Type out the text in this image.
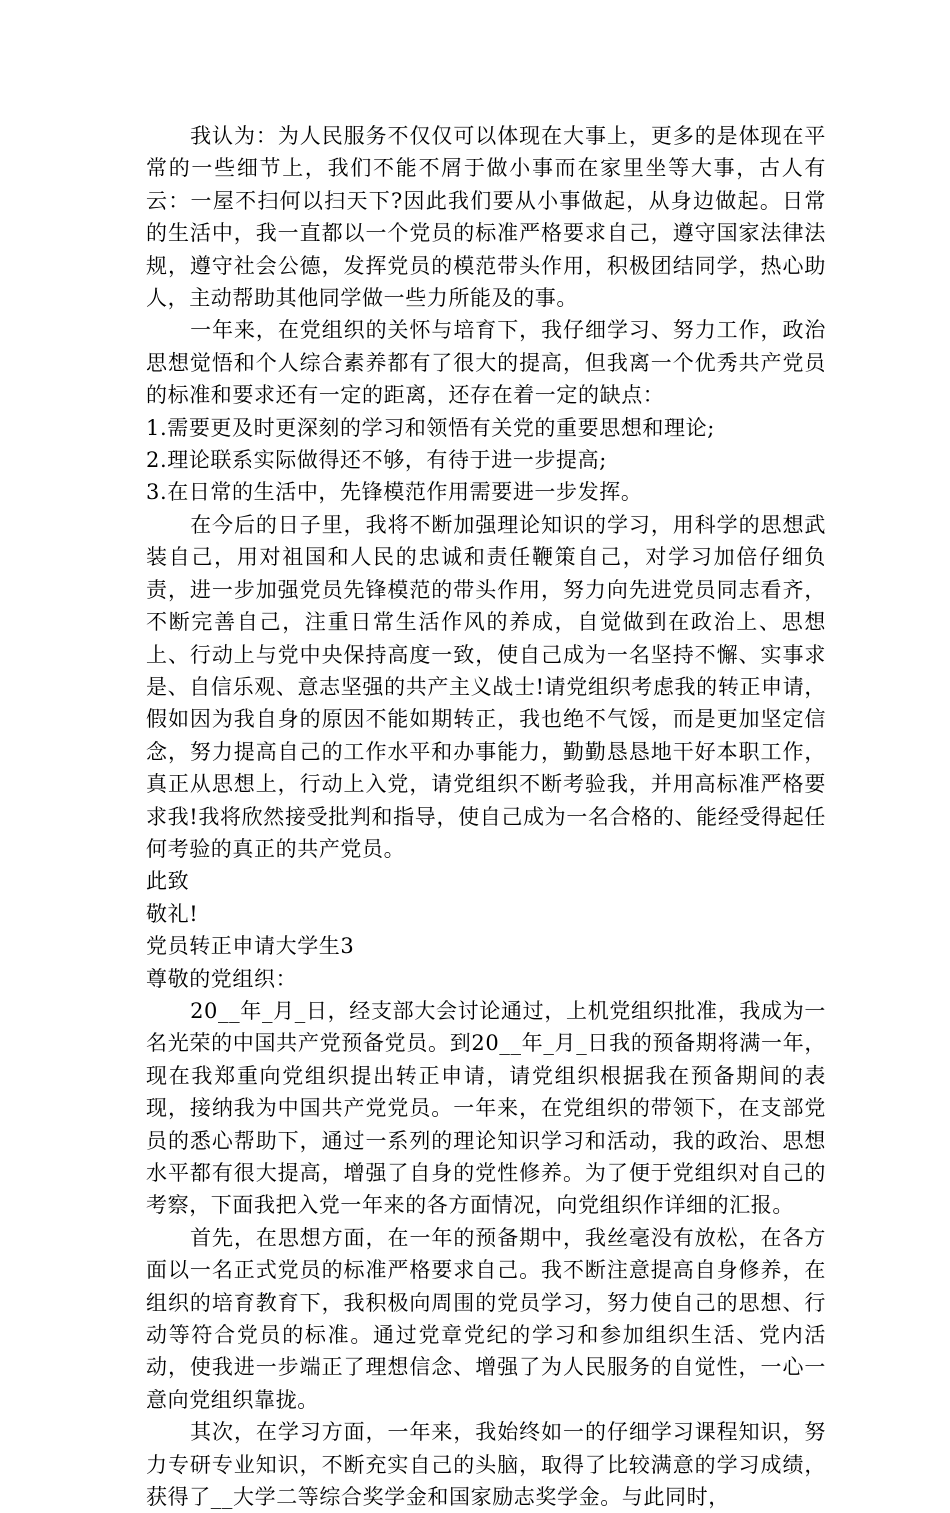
我认为：为人民服务不仅仅可以体现在大事上，更多的是体现在平常的一些细节上，我们不能不屑于做小事而在家里坐等大事，古人有云：一屋不扫何以扫天下?因此我们要从小事做起，从身边做起。日常的生活中，我一直都以一个党员的标准严格要求自己，遵守国家法律法规，遵守社会公德，发挥党员的模范带头作用，积极团结同学，热心助人，主动帮助其他同学做一些力所能及的事。

一年来，在党组织的关怀与培育下，我仔细学习、努力工作，政治思想觉悟和个人综合素养都有了很大的提高，但我离一个优秀共产党员的标准和要求还有一定的距离，还存在着一定的缺点：

1.需要更及时更深刻的学习和领悟有关党的重要思想和理论;

2.理论联系实际做得还不够，有待于进一步提高;

3.在日常的生活中，先锋模范作用需要进一步发挥。

在今后的日子里，我将不断加强理论知识的学习，用科学的思想武装自己，用对祖国和人民的忠诚和责任鞭策自己，对学习加倍仔细负责，进一步加强党员先锋模范的带头作用，努力向先进党员同志看齐，不断完善自己，注重日常生活作风的养成，自觉做到在政治上、思想上、行动上与党中央保持高度一致，使自己成为一名坚持不懈、实事求是、自信乐观、意志坚强的共产主义战士!请党组织考虑我的转正申请，假如因为我自身的原因不能如期转正，我也绝不气馁，而是更加坚定信念，努力提高自己的工作水平和办事能力，勤勤恳恳地干好本职工作，真正从思想上，行动上入党，请党组织不断考验我，并用高标准严格要求我!我将欣然接受批判和指导，使自己成为一名合格的、能经受得起任何考验的真正的共产党员。

此致

敬礼!

党员转正申请大学生3

尊敬的党组织：

20__年_月_日，经支部大会讨论通过，上机党组织批准，我成为一名光荣的中国共产党预备党员。到20__年_月_日我的预备期将满一年，现在我郑重向党组织提出转正申请，请党组织根据我在预备期间的表现，接纳我为中国共产党党员。一年来，在党组织的带领下，在支部党员的悉心帮助下，通过一系列的理论知识学习和活动，我的政治、思想水平都有很大提高，增强了自身的党性修养。为了便于党组织对自己的考察，下面我把入党一年来的各方面情况，向党组织作详细的汇报。

首先，在思想方面，在一年的预备期中，我丝毫没有放松，在各方面以一名正式党员的标准严格要求自己。我不断注意提高自身修养，在组织的培育教育下，我积极向周围的党员学习，努力使自己的思想、行动等符合党员的标准。通过党章党纪的学习和参加组织生活、党内活动，使我进一步端正了理想信念、增强了为人民服务的自觉性，一心一意向党组织靠拢。

其次，在学习方面，一年来，我始终如一的仔细学习课程知识，努力专研专业知识，不断充实自己的头脑，取得了比较满意的学习成绩，获得了__大学二等综合奖学金和国家励志奖学金。与此同时，
